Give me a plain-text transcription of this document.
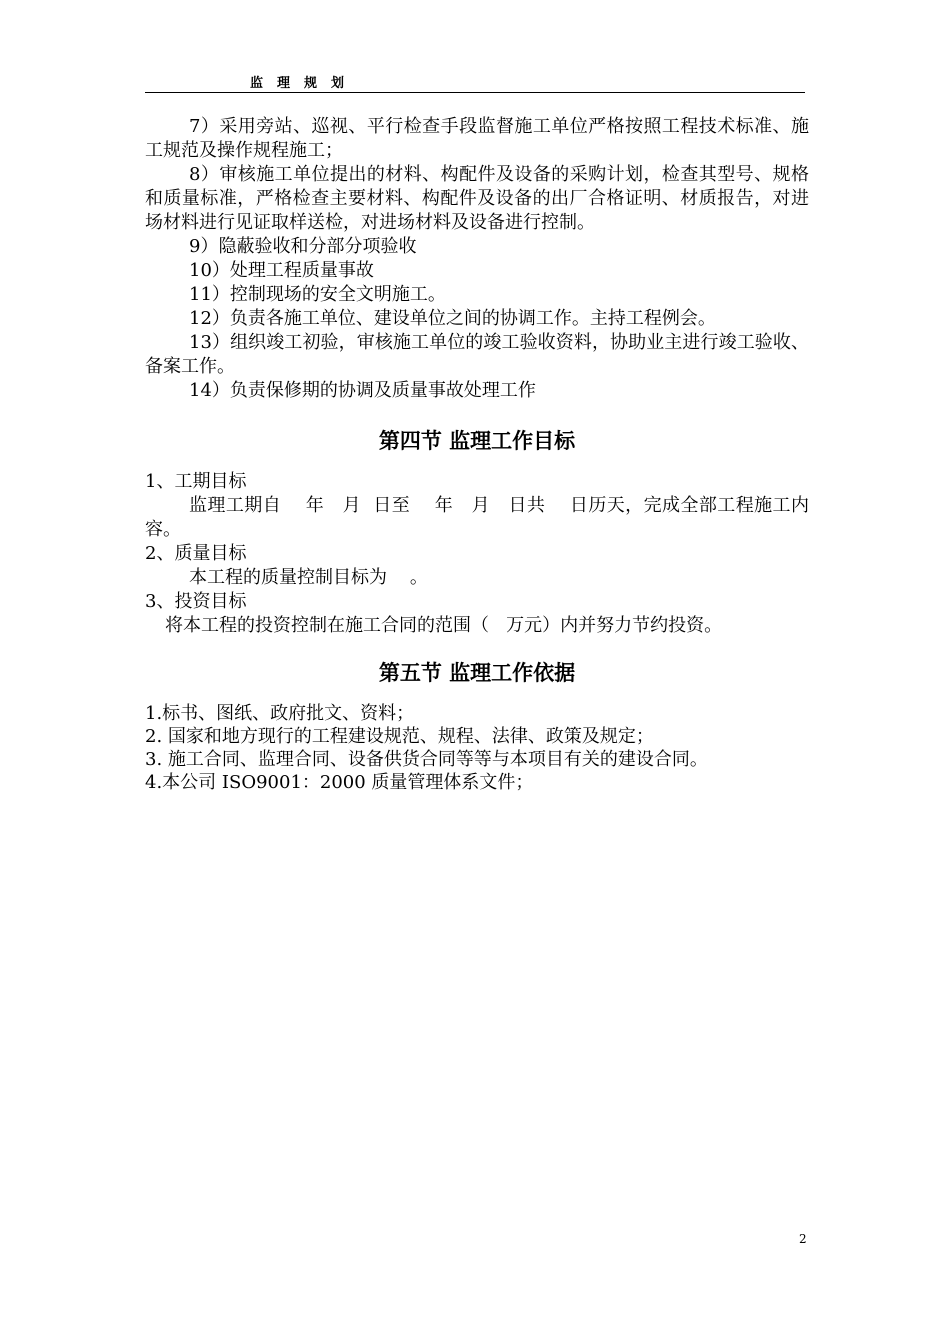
监理规划

7）采用旁站、巡视、平行检查手段监督施工单位严格按照工程技术标准、施工规范及操作规程施工；

8）审核施工单位提出的材料、构配件及设备的采购计划，检查其型号、规格和质量标准，严格检查主要材料、构配件及设备的出厂合格证明、材质报告，对进场材料进行见证取样送检，对进场材料及设备进行控制。

9）隐蔽验收和分部分项验收

10）处理工程质量事故

11）控制现场的安全文明施工。

12）负责各施工单位、建设单位之间的协调工作。主持工程例会。

13）组织竣工初验，审核施工单位的竣工验收资料，协助业主进行竣工验收、备案工作。

14）负责保修期的协调及质量事故处理工作

第四节 监理工作目标

1、工期目标

监理工期自    年   月  日至    年   月   日共    日历天，完成全部工程施工内容。

2、质量目标

本工程的质量控制目标为    。

3、投资目标

将本工程的投资控制在施工合同的范围（   万元）内并努力节约投资。

第五节 监理工作依据

1.标书、图纸、政府批文、资料；

2. 国家和地方现行的工程建设规范、规程、法律、政策及规定；

3. 施工合同、监理合同、设备供货合同等等与本项目有关的建设合同。

4.本公司 ISO9001：2000 质量管理体系文件；

2
